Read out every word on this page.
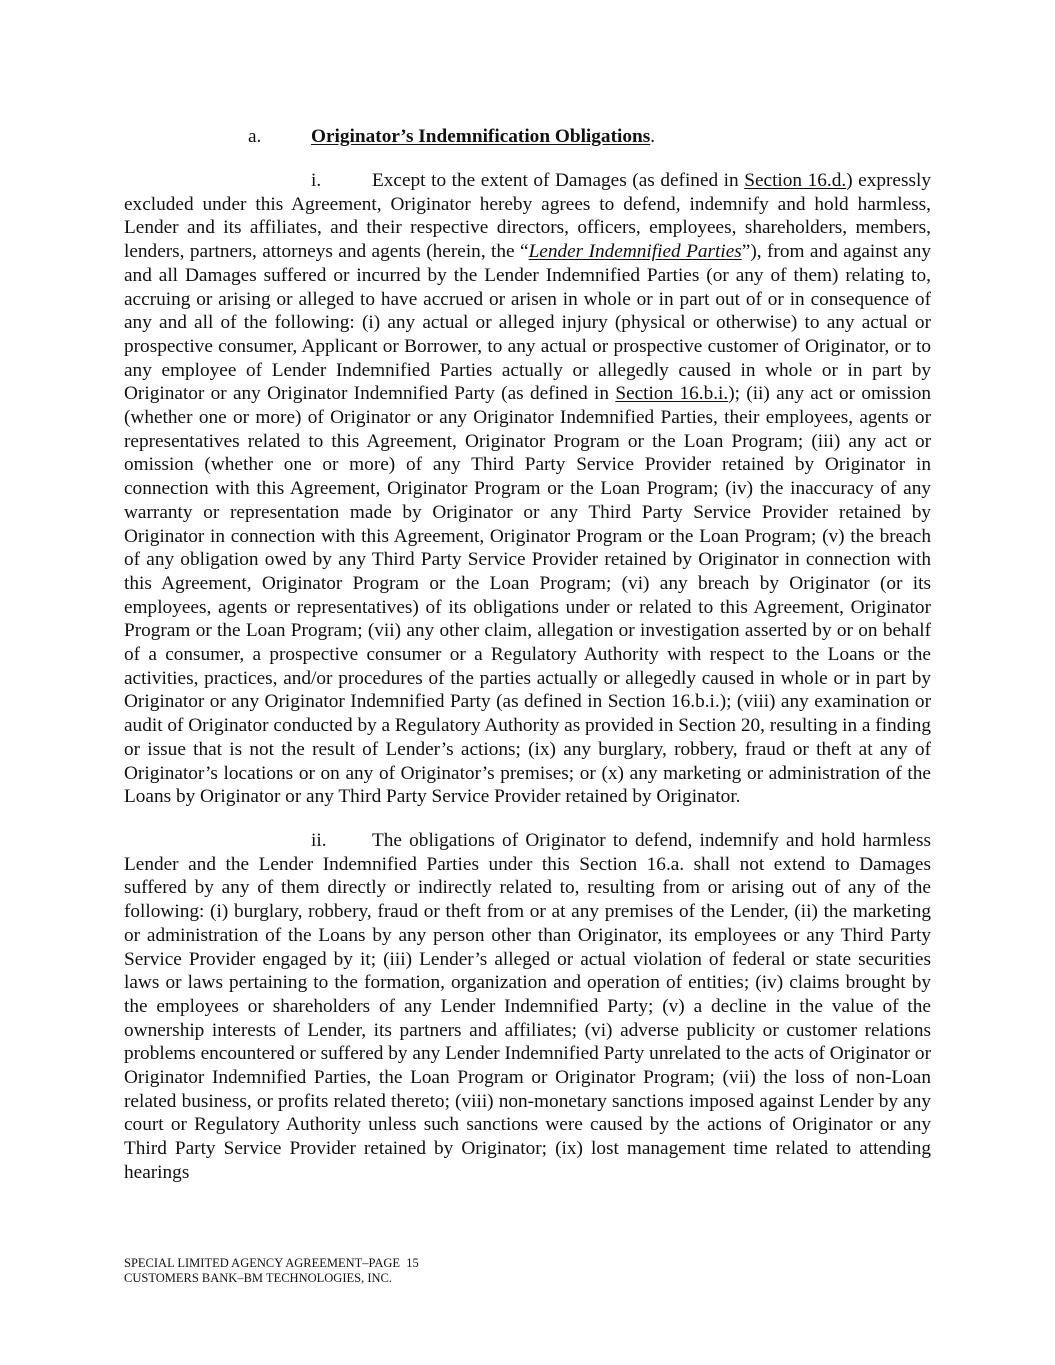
a.	Originator’s Indemnification Obligations.

i.	Except to the extent of Damages (as defined in Section 16.d.) expressly excluded under this Agreement, Originator hereby agrees to defend, indemnify and hold harmless, Lender and its affiliates, and their respective directors, officers, employees, shareholders, members, lenders, partners, attorneys and agents (herein, the “Lender Indemnified Parties”), from and against any and all Damages suffered or incurred by the Lender Indemnified Parties (or any of them) relating to, accruing or arising or alleged to have accrued or arisen in whole or in part out of or in consequence of any and all of the following: (i) any actual or alleged injury (physical or otherwise) to any actual or prospective consumer, Applicant or Borrower, to any actual or prospective customer of Originator, or to any employee of Lender Indemnified Parties actually or allegedly caused in whole or in part by Originator or any Originator Indemnified Party (as defined in Section 16.b.i.); (ii) any act or omission (whether one or more) of Originator or any Originator Indemnified Parties, their employees, agents or representatives related to this Agreement, Originator Program or the Loan Program; (iii) any act or omission (whether one or more) of any Third Party Service Provider retained by Originator in connection with this Agreement, Originator Program or the Loan Program; (iv) the inaccuracy of any warranty or representation made by Originator or any Third Party Service Provider retained by Originator in connection with this Agreement, Originator Program or the Loan Program; (v) the breach of any obligation owed by any Third Party Service Provider retained by Originator in connection with this Agreement, Originator Program or the Loan Program; (vi) any breach by Originator (or its employees, agents or representatives) of its obligations under or related to this Agreement, Originator Program or the Loan Program; (vii) any other claim, allegation or investigation asserted by or on behalf of a consumer, a prospective consumer or a Regulatory Authority with respect to the Loans or the activities, practices, and/or procedures of the parties actually or allegedly caused in whole or in part by Originator or any Originator Indemnified Party (as defined in Section 16.b.i.); (viii) any examination or audit of Originator conducted by a Regulatory Authority as provided in Section 20, resulting in a finding or issue that is not the result of Lender’s actions; (ix) any burglary, robbery, fraud or theft at any of Originator’s locations or on any of Originator’s premises; or (x) any marketing or administration of the Loans by Originator or any Third Party Service Provider retained by Originator.

ii. The obligations of Originator to defend, indemnify and hold harmless Lender and the Lender Indemnified Parties under this Section 16.a. shall not extend to Damages suffered by any of them directly or indirectly related to, resulting from or arising out of any of the following: (i) burglary, robbery, fraud or theft from or at any premises of the Lender, (ii) the marketing or administration of the Loans by any person other than Originator, its employees or any Third Party Service Provider engaged by it; (iii) Lender’s alleged or actual violation of federal or state securities laws or laws pertaining to the formation, organization and operation of entities; (iv) claims brought by the employees or shareholders of any Lender Indemnified Party; (v) a decline in the value of the ownership interests of Lender, its partners and affiliates; (vi) adverse publicity or customer relations problems encountered or suffered by any Lender Indemnified Party unrelated to the acts of Originator or Originator Indemnified Parties, the Loan Program or Originator Program; (vii) the loss of non-Loan related business, or profits related thereto; (viii) non-monetary sanctions imposed against Lender by any court or Regulatory Authority unless such sanctions were caused by the actions of Originator or any Third Party Service Provider retained by Originator; (ix) lost management time related to attending hearings

SPECIAL LIMITED AGENCY AGREEMENT–PAGE  15
CUSTOMERS BANK–BM TECHNOLOGIES, INC.
